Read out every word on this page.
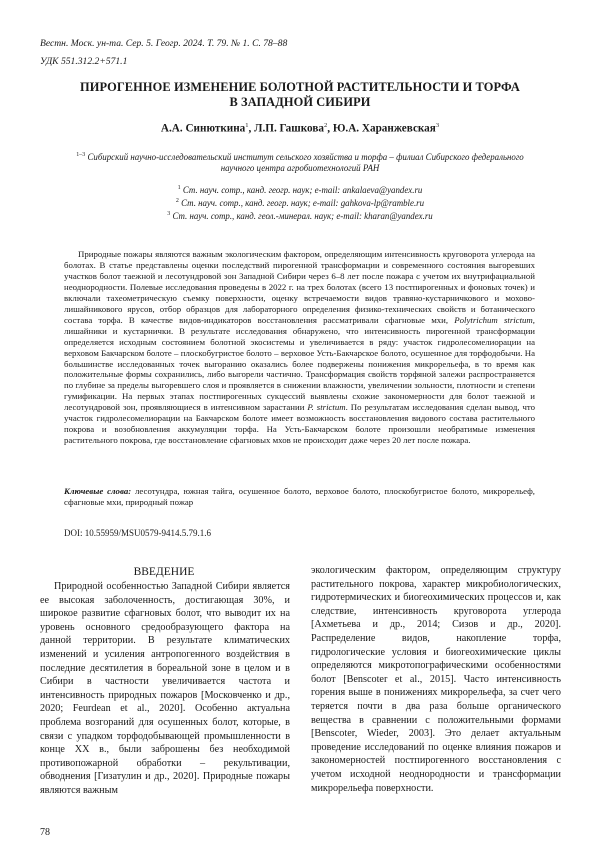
Вестн. Моск. ун-та. Сер. 5. Геогр. 2024. Т. 79. № 1. С. 78–88
УДК 551.312.2+571.1
ПИРОГЕННОЕ ИЗМЕНЕНИЕ БОЛОТНОЙ РАСТИТЕЛЬНОСТИ И ТОРФА
В ЗАПАДНОЙ СИБИРИ
А.А. Синюткина$^1$, Л.П. Гашкова$^2$, Ю.А. Харанжевская$^3$
$^{1-3}$ Сибирский научно-исследовательский институт сельского хозяйства и торфа – филиал Сибирского федерального научного центра агробиотехнологий РАН
$^1$ Ст. науч. сотр., канд. геогр. наук; e-mail: ankalaeva@yandex.ru
$^2$ Ст. науч. сотр., канд. геогр. наук; e-mail: gahkova-lp@ramble.ru
$^3$ Ст. науч. сотр., канд. геол.-минерал. наук; e-mail: kharan@yandex.ru
Природные пожары являются важным экологическим фактором, определяющим интенсивность круговорота углерода на болотах. В статье представлены оценки последствий пирогенной трансформации и современного состояния выгоревших участков болот таежной и лесотундровой зон Западной Сибири через 6–8 лет после пожара с учетом их внутрифациальной неоднородности. Полевые исследования проведены в 2022 г. на трех болотах (всего 13 постпирогенных и фоновых точек) и включали тахеометрическую съемку поверхности, оценку встречаемости видов травяно-кустарничкового и мохово-лишайникового ярусов, отбор образцов для лабораторного определения физико-технических свойств и ботанического состава торфа. В качестве видов-индикаторов восстановления рассматривали сфагновые мхи, Polytrichum strictum, лишайники и кустарнички. В результате исследования обнаружено, что интенсивность пирогенной трансформации определяется исходным состоянием болотной экосистемы и увеличивается в ряду: участок гидролесомелиорации на верховом Бакчарском болоте – плоскобугристое болото – верховое Усть-Бакчарское болото, осушенное для торфодобычи. На большинстве исследованных точек выгоранию оказались более подвержены понижения микрорельефа, в то время как положительные формы сохранились, либо выгорели частично. Трансформация свойств торфяной залежи распространяется по глубине за пределы выгоревшего слоя и проявляется в снижении влажности, увеличении зольности, плотности и степени гумификации. На первых этапах постпирогенных сукцессий выявлены схожие закономерности для болот таежной и лесотундровой зон, проявляющиеся в интенсивном зарастании P. strictum. По результатам исследования сделан вывод, что участок гидролесомелиорации на Бакчарском болоте имеет возможность восстановления видового состава растительного покрова и возобновления аккумуляции торфа. На Усть-Бакчарском болоте произошли необратимые изменения растительного покрова, где восстановление сфагновых мхов не происходит даже через 20 лет после пожара.
Ключевые слова: лесотундра, южная тайга, осушенное болото, верховое болото, плоскобугристое болото, микрорельеф, сфагновые мхи, природный пожар
DOI: 10.55959/MSU0579-9414.5.79.1.6
ВВЕДЕНИЕ
Природной особенностью Западной Сибири является ее высокая заболоченность, достигающая 30%, и широкое развитие сфагновых болот, что выводит их на уровень основного средообразующего фактора на данной территории. В результате климатических изменений и усиления антропогенного воздействия в последние десятилетия в бореальной зоне в целом и в Сибири в частности увеличивается частота и интенсивность природных пожаров [Московченко и др., 2020; Feurdean et al., 2020]. Особенно актуальна проблема возгораний для осушенных болот, которые, в связи с упадком торфодобывающей промышленности в конце XX в., были заброшены без необходимой противопожарной обработки – рекультивации, обводнения [Гизатулин и др., 2020]. Природные пожары являются важным
экологическим фактором, определяющим структуру растительного покрова, характер микробиологических, гидротермических и биогеохимических процессов и, как следствие, интенсивность круговорота углерода [Ахметьева и др., 2014; Сизов и др., 2020]. Распределение видов, накопление торфа, гидрологические условия и биогеохимические циклы определяются микротопографическими особенностями болот [Benscoter et al., 2015]. Часто интенсивность горения выше в понижениях микрорельефа, за счет чего теряется почти в два раза больше органического вещества в сравнении с положительными формами [Benscoter, Wieder, 2003]. Это делает актуальным проведение исследований по оценке влияния пожаров и закономерностей постпирогенного восстановления с учетом исходной неоднородности и трансформации микрорельефа поверхности.
78
